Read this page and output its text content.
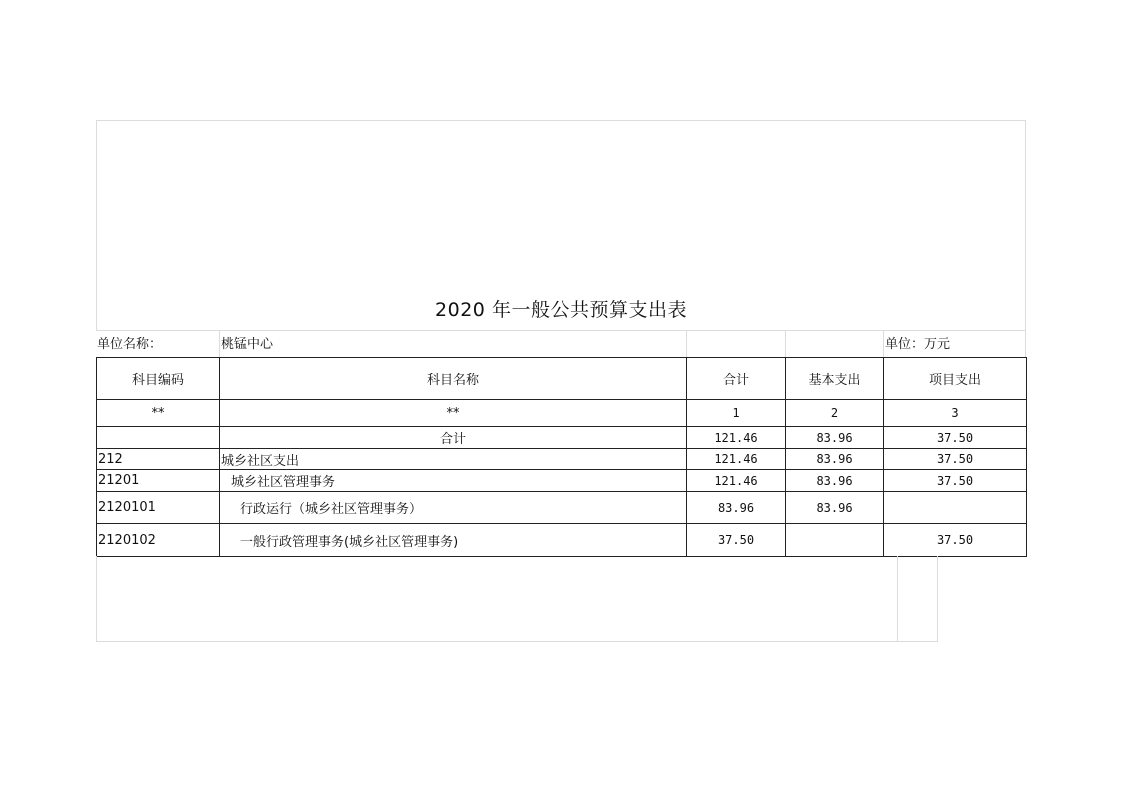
2020 年一般公共预算支出表
单位名称：	桃锰中心	单位：万元
科目编码	科目名称	合计	基本支出	项目支出
**	**	1	2	3
	合计	121.46	83.96	37.50
212	城乡社区支出	121.46	83.96	37.50
21201	城乡社区管理事务	121.46	83.96	37.50
2120101	行政运行（城乡社区管理事务）	83.96	83.96	
2120102	一般行政管理事务(城乡社区管理事务)	37.50		37.50
